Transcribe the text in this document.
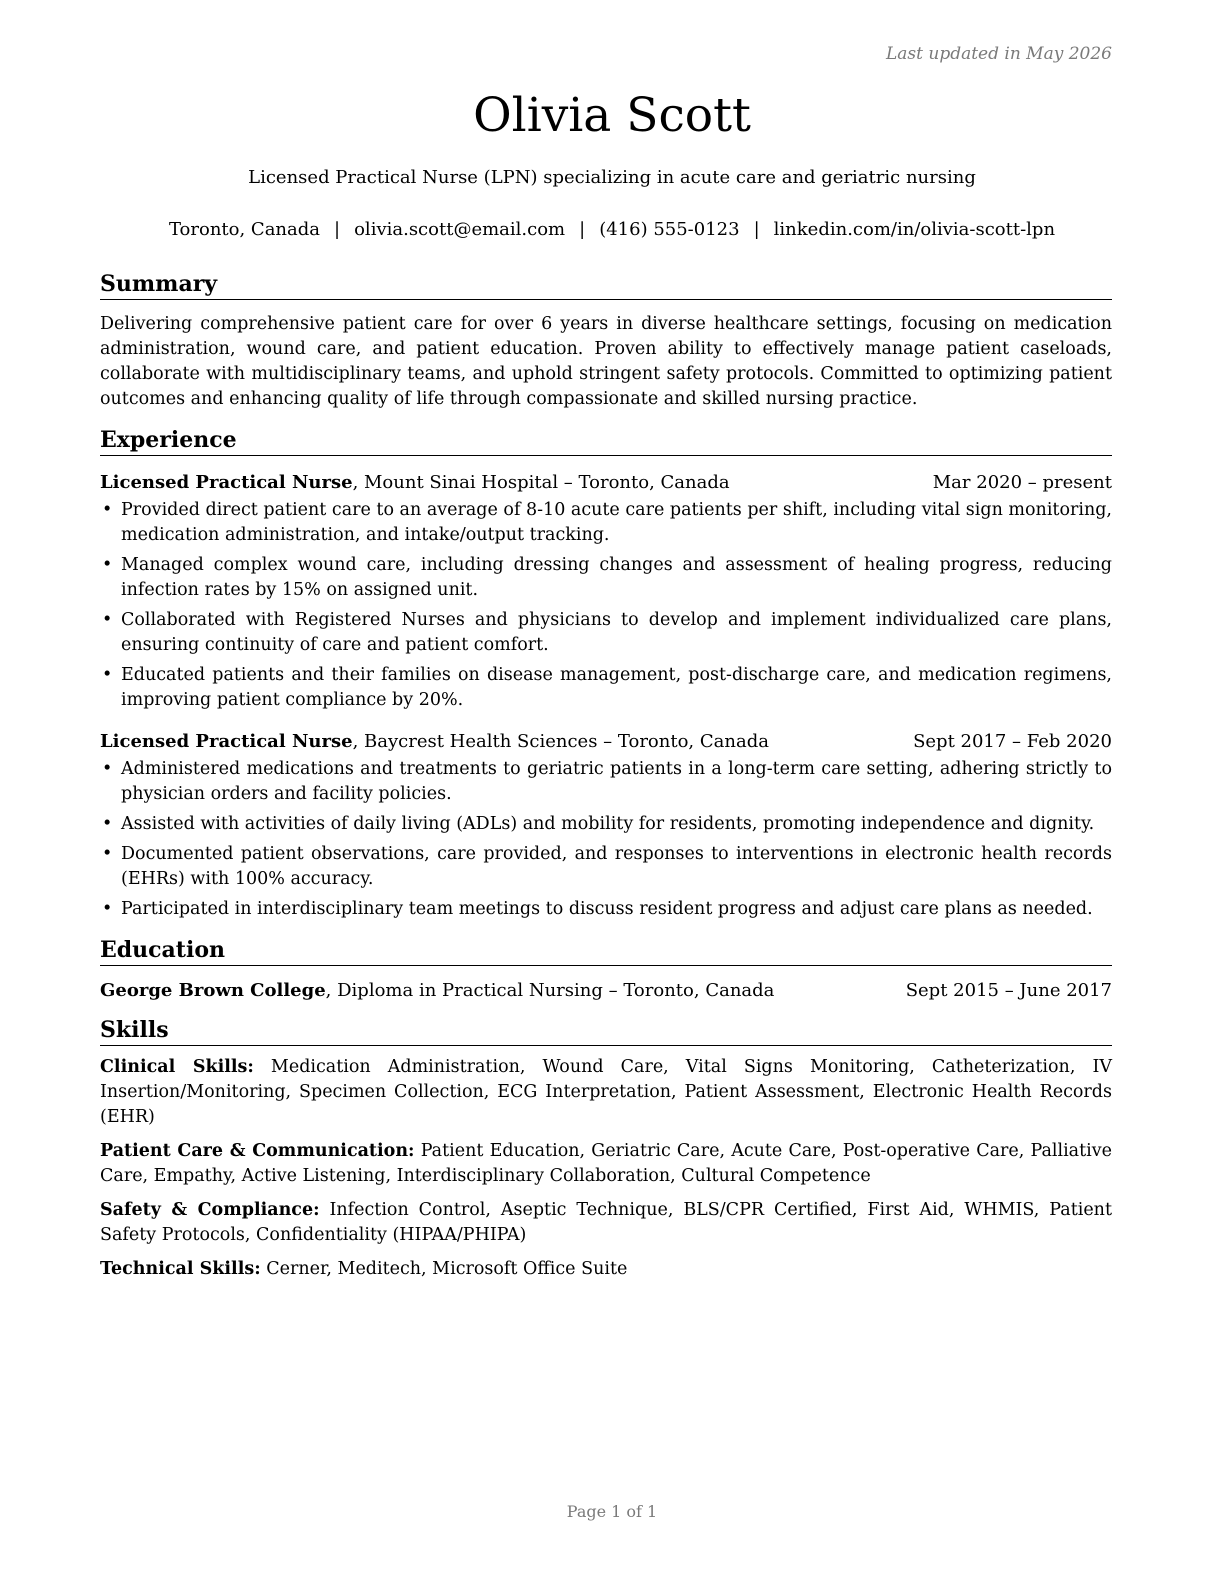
Last updated in May 2026
Olivia Scott
Licensed Practical Nurse (LPN) specializing in acute care and geriatric nursing
Toronto, Canada | olivia.scott@email.com | (416) 555-0123 | linkedin.com/in/olivia-scott-lpn
Summary

Delivering comprehensive patient care for over 6 years in diverse healthcare settings, focusing on medication administration, wound care, and patient education. Proven ability to effectively manage patient caseloads, collaborate with multidisciplinary teams, and uphold stringent safety protocols. Committed to optimizing patient outcomes and enhancing quality of life through compassionate and skilled nursing practice.

Experience
Licensed Practical Nurse, Mount Sinai Hospital – Toronto, Canada	Mar 2020 – present
• Provided direct patient care to an average of 8-10 acute care patients per shift, including vital sign monitoring, medication administration, and intake/output tracking.
• Managed complex wound care, including dressing changes and assessment of healing progress, reducing infection rates by 15% on assigned unit.
• Collaborated with Registered Nurses and physicians to develop and implement individualized care plans, ensuring continuity of care and patient comfort.
• Educated patients and their families on disease management, post-discharge care, and medication regimens, improving patient compliance by 20%.
Licensed Practical Nurse, Baycrest Health Sciences – Toronto, Canada	Sept 2017 – Feb 2020
• Administered medications and treatments to geriatric patients in a long-term care setting, adhering strictly to physician orders and facility policies.
• Assisted with activities of daily living (ADLs) and mobility for residents, promoting independence and dignity.
• Documented patient observations, care provided, and responses to interventions in electronic health records (EHRs) with 100% accuracy.
• Participated in interdisciplinary team meetings to discuss resident progress and adjust care plans as needed.
Education
George Brown College, Diploma in Practical Nursing – Toronto, Canada	Sept 2015 – June 2017
Skills

Clinical Skills: Medication Administration, Wound Care, Vital Signs Monitoring, Catheterization, IV Insertion/Monitoring, Specimen Collection, ECG Interpretation, Patient Assessment, Electronic Health Records (EHR)

Patient Care & Communication: Patient Education, Geriatric Care, Acute Care, Post-operative Care, Palliative Care, Empathy, Active Listening, Interdisciplinary Collaboration, Cultural Competence

Safety & Compliance: Infection Control, Aseptic Technique, BLS/CPR Certified, First Aid, WHMIS, Patient Safety Protocols, Confidentiality (HIPAA/PHIPA)

Technical Skills: Cerner, Meditech, Microsoft Office Suite

Page 1 of 1
